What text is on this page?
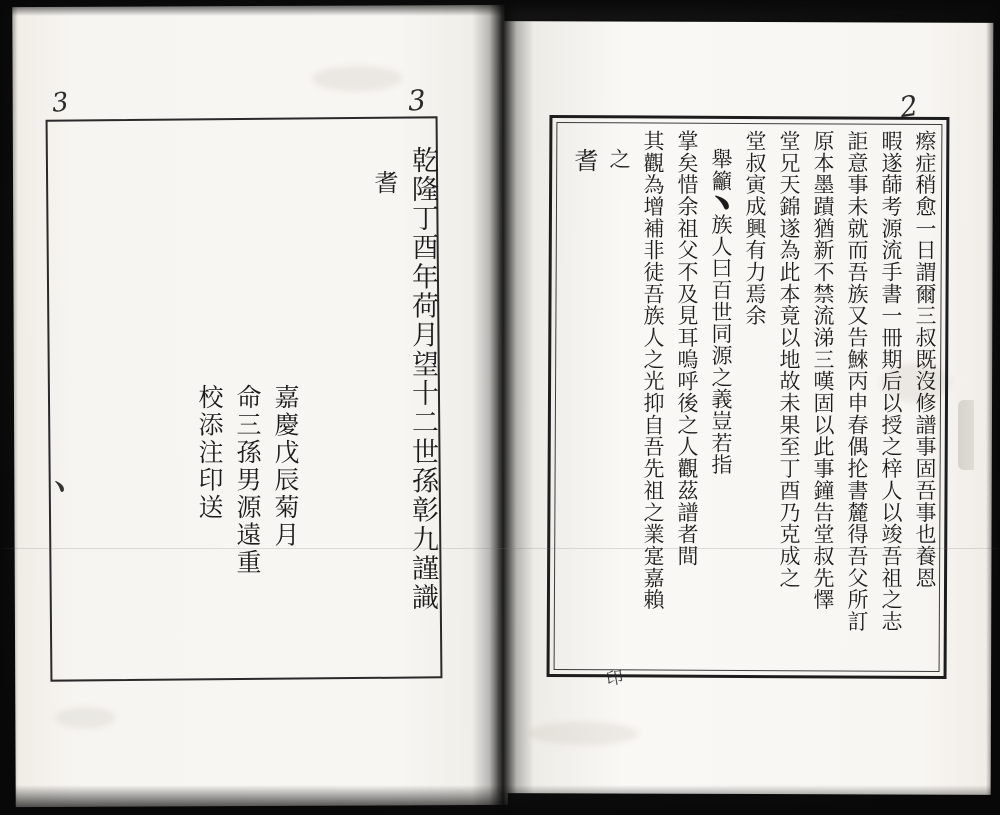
乾隆丁酉年荷月望十二世孫彰九謹識
耆
嘉慶戊辰菊月
命三孫男源遠重
校添注印送
3	3
﹅	瘵症稍愈一日謂爾三叔既沒修譜事固吾事也養恩
暇遂蒒考源流手書一冊期后以授之梓人以竣吾祖之志
詎意事未就而吾族又告鯠丙申春偶抡書麓得吾父所訂
原本墨蹟猶新不禁流涕三嘆固以此事鐘告堂叔先懌
堂兄天錦遂為此本竟以地故未果至丁酉乃克成之
堂叔寅成興有力焉余
舉籲﹅族人曰百世同源之義豈若指
掌矣惜余祖父不及見耳嗚呼後之人觀茲譜者間
其觀為增補非徒吾族人之光抑自吾先祖之業寔嘉賴
之
耆
2
印
